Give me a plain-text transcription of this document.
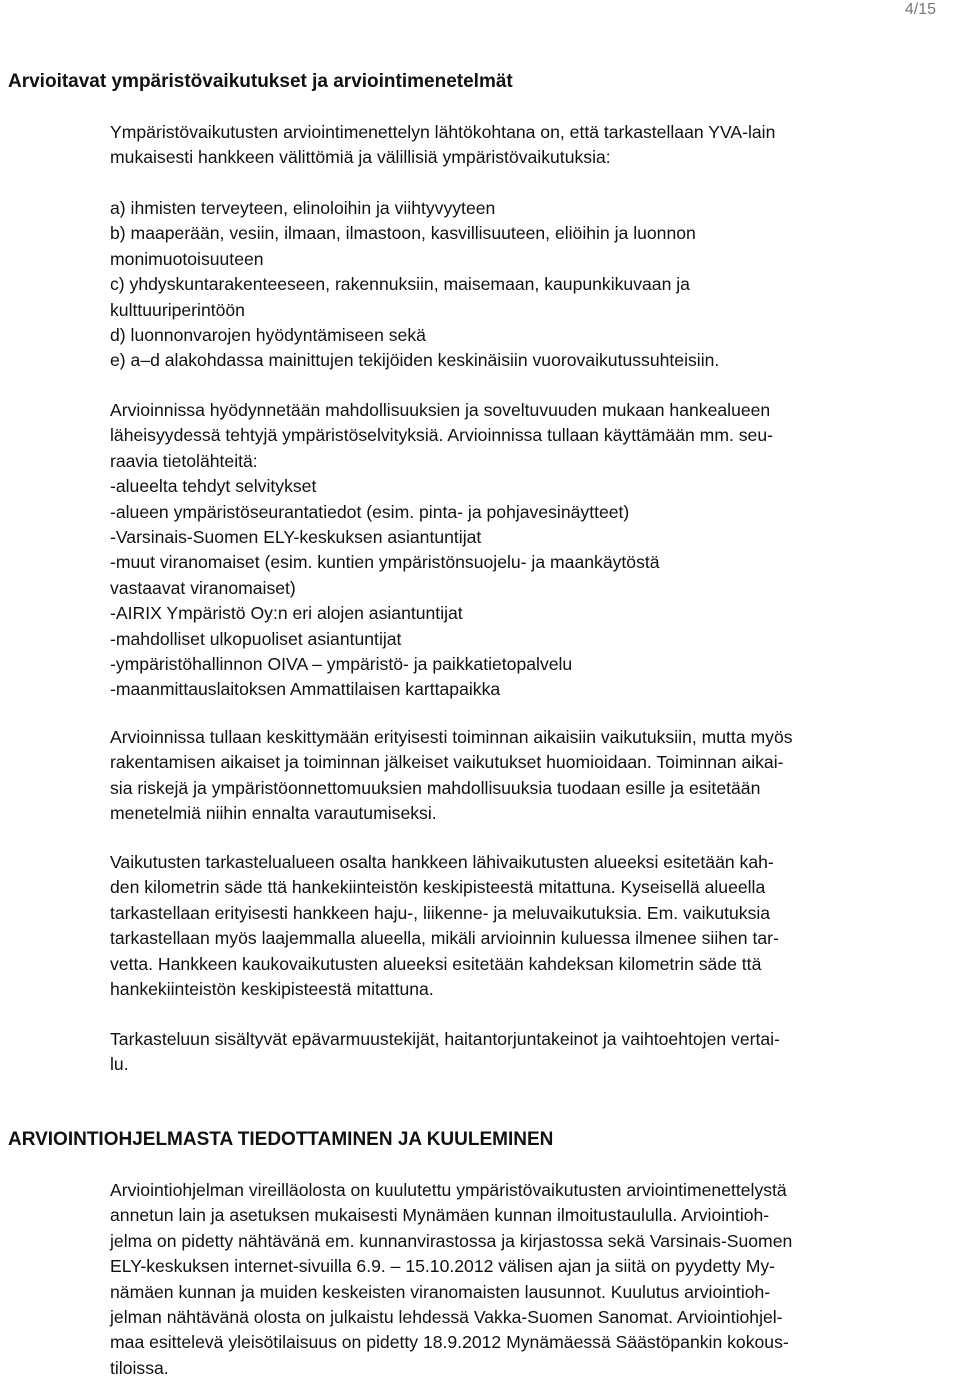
4/15
Arvioitavat ympäristövaikutukset ja arviointimenetelmät
Ympäristövaikutusten arviointimenettelyn lähtökohtana on, että tarkastellaan YVA-lain
mukaisesti hankkeen välittömiä ja välillisiä ympäristövaikutuksia:
a) ihmisten terveyteen, elinoloihin ja viihtyvyyteen
b) maaperään, vesiin, ilmaan, ilmastoon, kasvillisuuteen, eliöihin ja luonnon
monimuotoisuuteen
c) yhdyskuntarakenteeseen, rakennuksiin, maisemaan, kaupunkikuvaan ja
kulttuuriperintöön
d) luonnonvarojen hyödyntämiseen sekä
e) a–d alakohdassa mainittujen tekijöiden keskinäisiin vuorovaikutussuhteisiin.
Arvioinnissa hyödynnetään mahdollisuuksien ja soveltuvuuden mukaan hankealueen
läheisyydessä tehtyjä ympäristöselvityksiä. Arvioinnissa tullaan käyttämään mm. seu-
raavia tietolähteitä:
-alueelta tehdyt selvitykset
-alueen ympäristöseurantatiedot (esim. pinta- ja pohjavesinäytteet)
-Varsinais-Suomen ELY-keskuksen asiantuntijat
-muut viranomaiset (esim. kuntien ympäristönsuojelu- ja maankäytöstä
vastaavat viranomaiset)
-AIRIX Ympäristö Oy:n eri alojen asiantuntijat
-mahdolliset ulkopuoliset asiantuntijat
-ympäristöhallinnon OIVA – ympäristö- ja paikkatietopalvelu
-maanmittauslaitoksen Ammattilaisen karttapaikka
Arvioinnissa tullaan keskittymään erityisesti toiminnan aikaisiin vaikutuksiin, mutta myös
rakentamisen aikaiset ja toiminnan jälkeiset vaikutukset huomioidaan. Toiminnan aikai-
sia riskejä ja ympäristöonnettomuuksien mahdollisuuksia tuodaan esille ja esitetään
menetelmiä niihin ennalta varautumiseksi.
Vaikutusten tarkastelualueen osalta hankkeen lähivaikutusten alueeksi esitetään kah-
den kilometrin säde ttä hankekiinteistön keskipisteestä mitattuna. Kyseisellä alueella
tarkastellaan erityisesti hankkeen haju-, liikenne- ja meluvaikutuksia. Em. vaikutuksia
tarkastellaan myös laajemmalla alueella, mikäli arvioinnin kuluessa ilmenee siihen tar-
vetta. Hankkeen kaukovaikutusten alueeksi esitetään kahdeksan kilometrin säde ttä
hankekiinteistön keskipisteestä mitattuna.
Tarkasteluun sisältyvät epävarmuustekijät, haitantorjuntakeinot ja vaihtoehtojen vertai-
lu.
ARVIOINTIOHJELMASTA TIEDOTTAMINEN JA KUULEMINEN
Arviointiohjelman vireilläolosta on kuulutettu ympäristövaikutusten arviointimenettelystä
annetun lain ja asetuksen mukaisesti Mynämäen kunnan ilmoitustaululla. Arviointioh-
jelma on pidetty nähtävänä em. kunnanvirastossa ja kirjastossa sekä Varsinais-Suomen
ELY-keskuksen internet-sivuilla 6.9. – 15.10.2012 välisen ajan ja siitä on pyydetty My-
nämäen kunnan ja muiden keskeisten viranomaisten lausunnot. Kuulutus arviointioh-
jelman nähtävänä olosta on julkaistu lehdessä Vakka-Suomen Sanomat. Arviointiohjel-
maa esittelevä yleisötilaisuus on pidetty 18.9.2012 Mynämäessä Säästöpankin kokous-
tiloissa.
